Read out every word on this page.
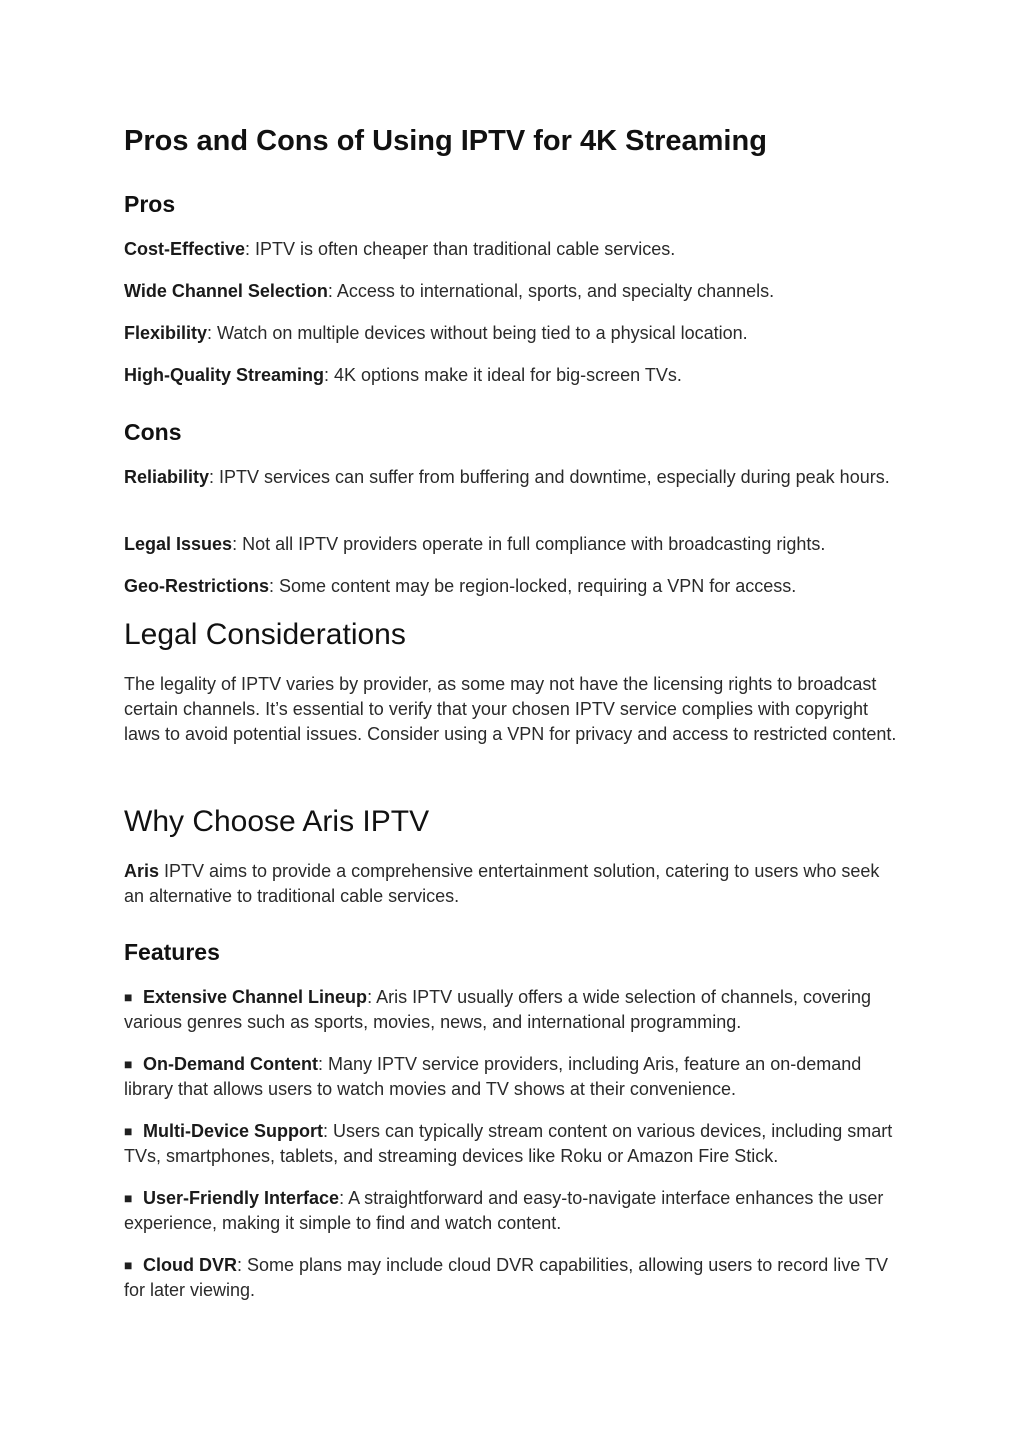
Pros and Cons of Using IPTV for 4K Streaming
Pros

Cost-Effective: IPTV is often cheaper than traditional cable services.

Wide Channel Selection: Access to international, sports, and specialty channels.

Flexibility: Watch on multiple devices without being tied to a physical location.

High-Quality Streaming: 4K options make it ideal for big-screen TVs.

Cons

Reliability: IPTV services can suffer from buffering and downtime, especially during peak hours.

Legal Issues: Not all IPTV providers operate in full compliance with broadcasting rights.

Geo-Restrictions: Some content may be region-locked, requiring a VPN for access.

Legal Considerations

The legality of IPTV varies by provider, as some may not have the licensing rights to broadcast certain channels. It’s essential to verify that your chosen IPTV service complies with copyright laws to avoid potential issues. Consider using a VPN for privacy and access to restricted content.

Why Choose Aris IPTV

Aris IPTV aims to provide a comprehensive entertainment solution, catering to users who seek an alternative to traditional cable services.

Features

■ Extensive Channel Lineup: Aris IPTV usually offers a wide selection of channels, covering various genres such as sports, movies, news, and international programming.

■ On-Demand Content: Many IPTV service providers, including Aris, feature an on-demand library that allows users to watch movies and TV shows at their convenience.

■ Multi-Device Support: Users can typically stream content on various devices, including smart TVs, smartphones, tablets, and streaming devices like Roku or Amazon Fire Stick.

■ User-Friendly Interface: A straightforward and easy-to-navigate interface enhances the user experience, making it simple to find and watch content.

■ Cloud DVR: Some plans may include cloud DVR capabilities, allowing users to record live TV for later viewing.
